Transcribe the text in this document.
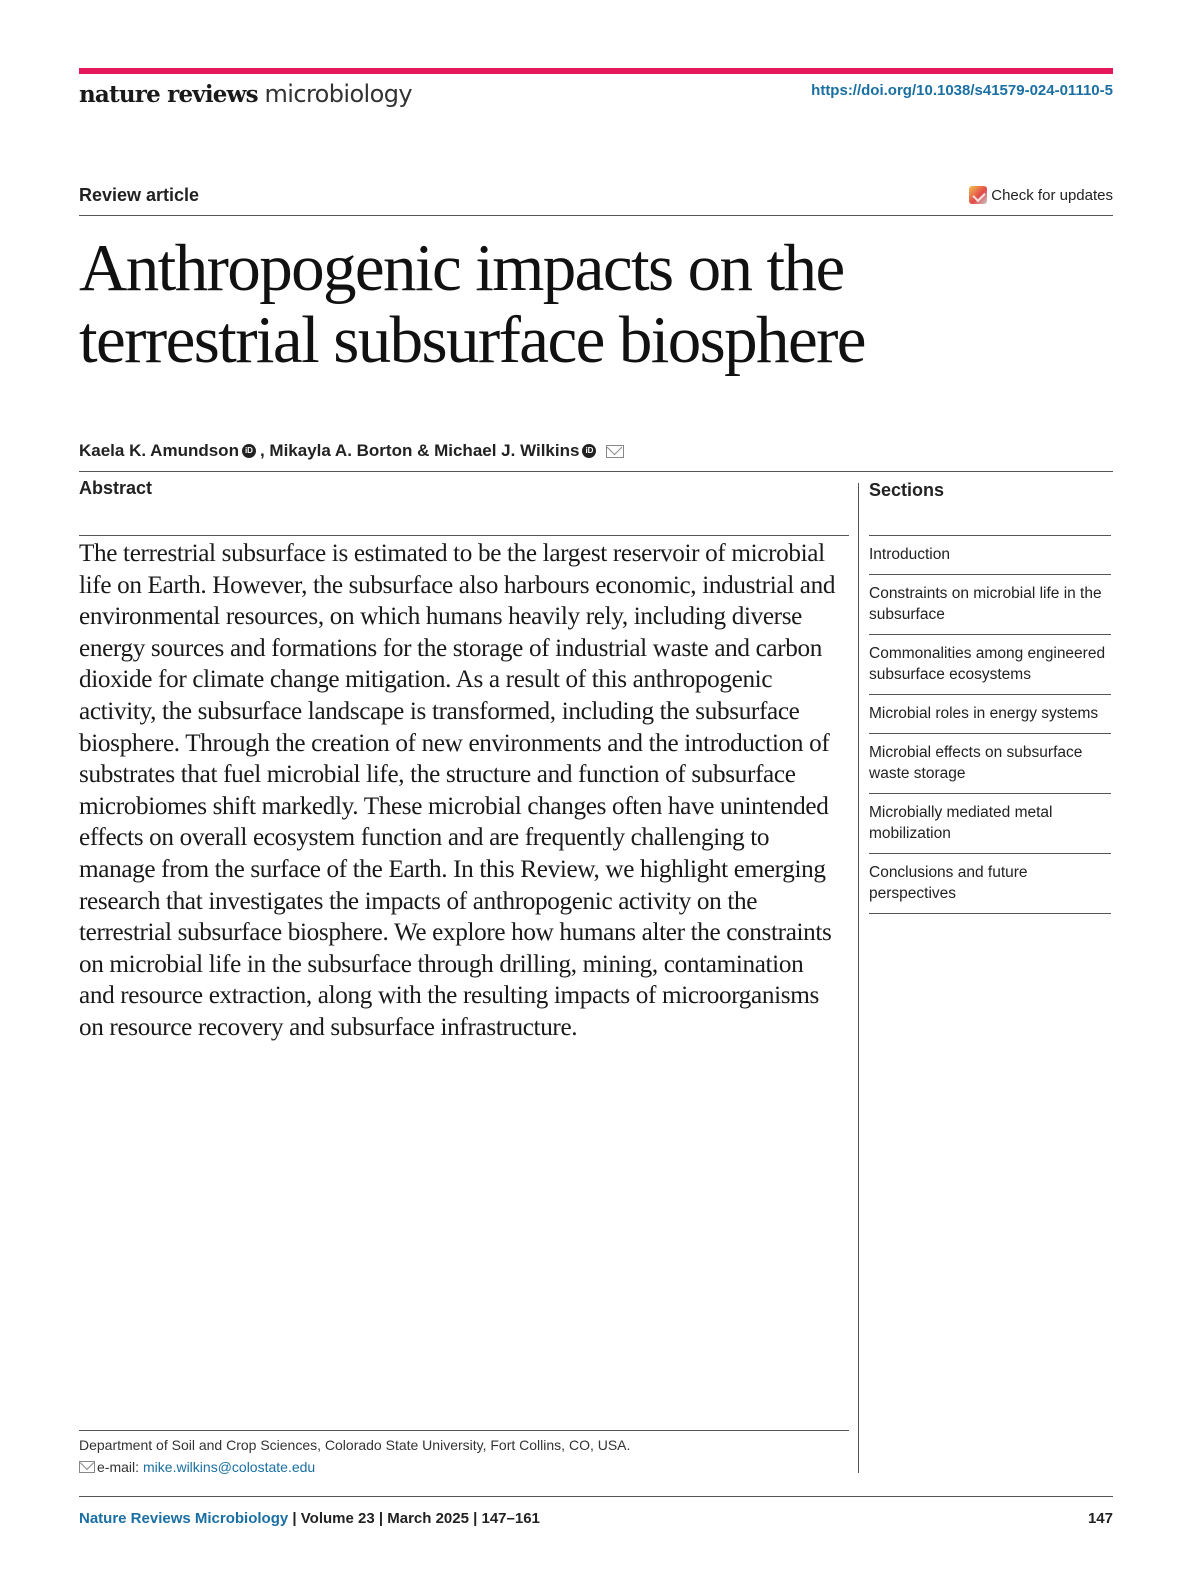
nature reviews microbiology	https://doi.org/10.1038/s41579-024-01110-5
Review article	Check for updates
Anthropogenic impacts on the
terrestrial subsurface biosphere
Kaela K. Amundson iD , Mikayla A. Borton & Michael J. Wilkins iD
Abstract

The terrestrial subsurface is estimated to be the largest reservoir of microbial life on Earth. However, the subsurface also harbours economic, industrial and environmental resources, on which humans heavily rely, including diverse energy sources and formations for the storage of industrial waste and carbon dioxide for climate change mitigation. As a result of this anthropogenic activity, the subsurface landscape is transformed, including the subsurface biosphere. Through the creation of new environments and the introduction of substrates that fuel microbial life, the structure and function of subsurface microbiomes shift markedly. These microbial changes often have unintended effects on overall ecosystem function and are frequently challenging to manage from the surface of the Earth. In this Review, we highlight emerging research that investigates the impacts of anthropogenic activity on the terrestrial subsurface biosphere. We explore how humans alter the constraints on microbial life in the subsurface through drilling, mining, contamination and resource extraction, along with the resulting impacts of microorganisms on resource recovery and subsurface infrastructure.

Sections
Introduction
Constraints on microbial life in the subsurface
Commonalities among engineered subsurface ecosystems
Microbial roles in energy systems
Microbial effects on subsurface waste storage
Microbially mediated metal mobilization
Conclusions and future perspectives
Department of Soil and Crop Sciences, Colorado State University, Fort Collins, CO, USA.
e-mail: mike.wilkins@colostate.edu
Nature Reviews Microbiology | Volume 23 | March 2025 | 147–161	147
